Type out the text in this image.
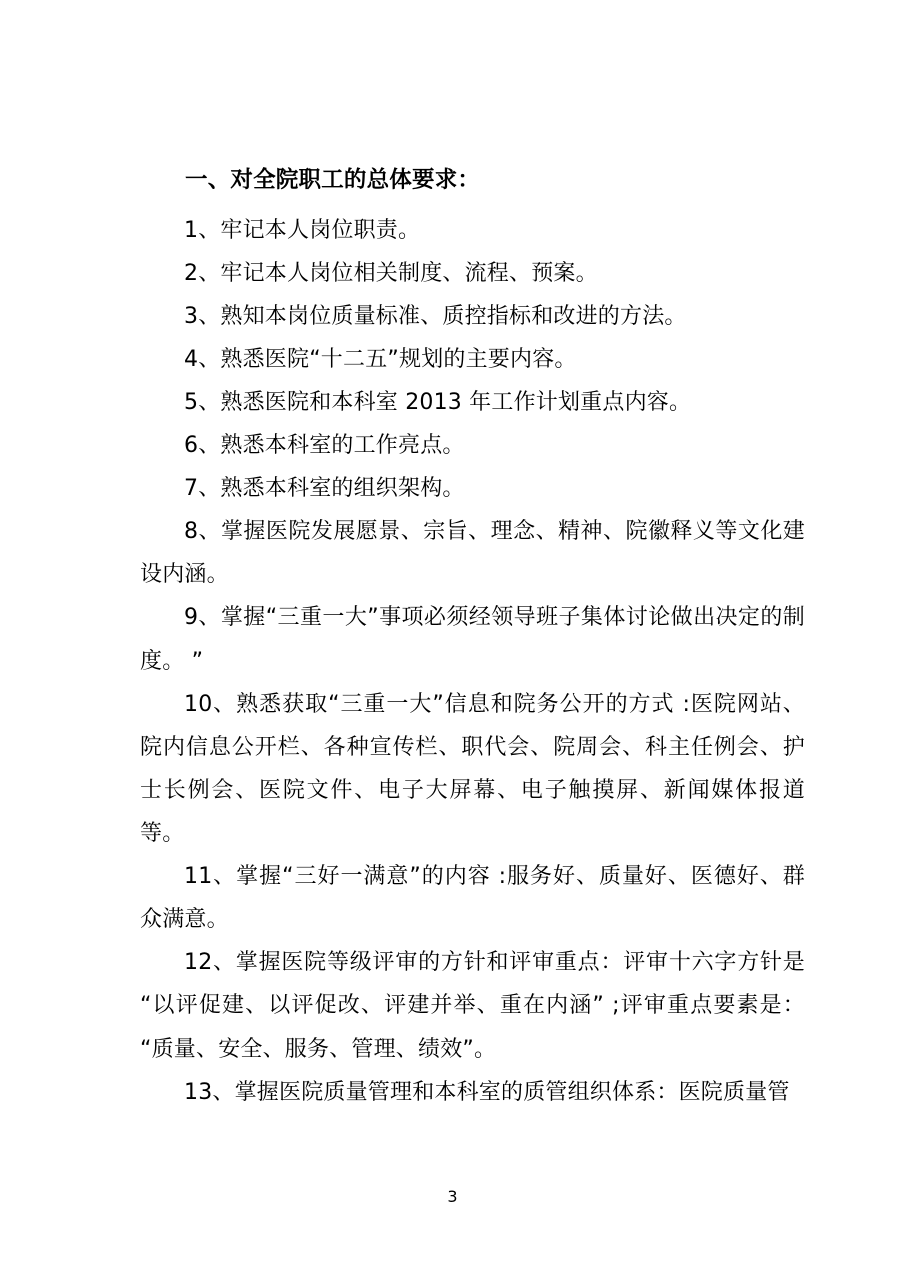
一、对全院职工的总体要求：

1、牢记本人岗位职责。

2、牢记本人岗位相关制度、流程、预案。

3、熟知本岗位质量标准、质控指标和改进的方法。

4、熟悉医院“十二五”规划的主要内容。

5、熟悉医院和本科室 2013 年工作计划重点内容。

6、熟悉本科室的工作亮点。

7、熟悉本科室的组织架构。

8、掌握医院发展愿景、宗旨、理念、精神、院徽释义等文化建设内涵。

9、掌握“三重一大”事项必须经领导班子集体讨论做出决定的制度。 ”

10、熟悉获取“三重一大”信息和院务公开的方式 :医院网站、院内信息公开栏、各种宣传栏、职代会、院周会、科主任例会、护士长例会、医院文件、电子大屏幕、电子触摸屏、新闻媒体报道等。

11、掌握“三好一满意”的内容 :服务好、质量好、医德好、群众满意。

12、掌握医院等级评审的方针和评审重点：评审十六字方针是“以评促建、以评促改、评建并举、重在内涵” ;评审重点要素是：“质量、安全、服务、管理、绩效”。

13、掌握医院质量管理和本科室的质管组织体系：医院质量管

3
